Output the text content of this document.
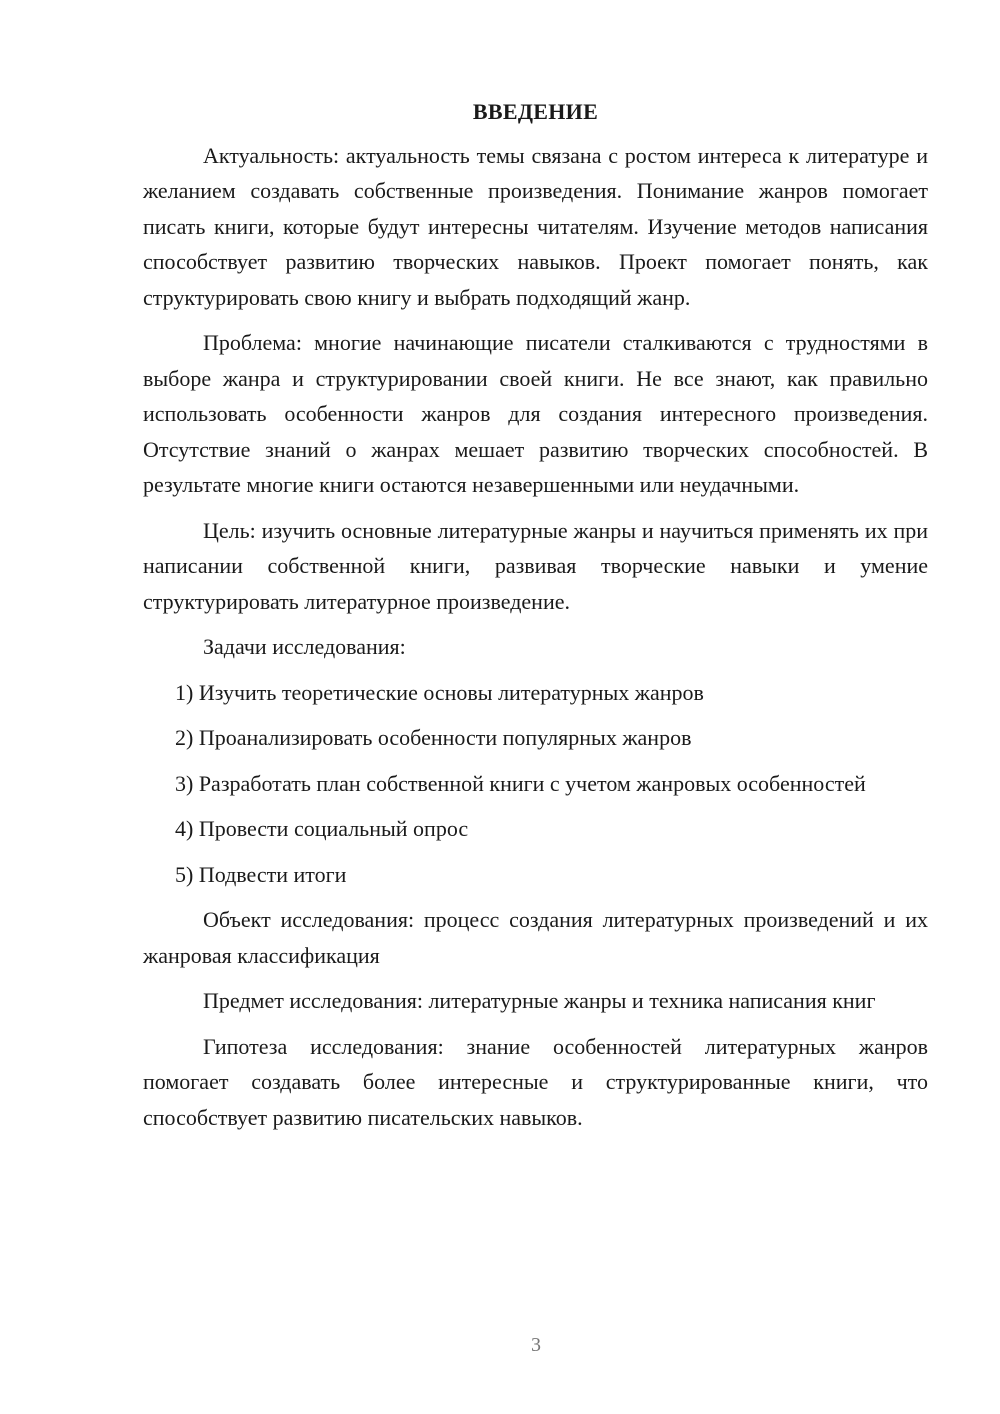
ВВЕДЕНИЕ

Актуальность: актуальность темы связана с ростом интереса к литературе и желанием создавать собственные произведения. Понимание жанров помогает писать книги, которые будут интересны читателям. Изучение методов написания способствует развитию творческих навыков. Проект помогает понять, как структурировать свою книгу и выбрать подходящий жанр.

Проблема: многие начинающие писатели сталкиваются с трудностями в выборе жанра и структурировании своей книги. Не все знают, как правильно использовать особенности жанров для создания интересного произведения. Отсутствие знаний о жанрах мешает развитию творческих способностей. В результате многие книги остаются незавершенными или неудачными.

Цель: изучить основные литературные жанры и научиться применять их при написании собственной книги, развивая творческие навыки и умение структурировать литературное произведение.

Задачи исследования:

1) Изучить теоретические основы литературных жанров

2) Проанализировать особенности популярных жанров

3) Разработать план собственной книги с учетом жанровых особенностей

4) Провести социальный опрос

5) Подвести итоги

Объект исследования: процесс создания литературных произведений и их жанровая классификация

Предмет исследования: литературные жанры и техника написания книг

Гипотеза исследования: знание особенностей литературных жанров помогает создавать более интересные и структурированные книги, что способствует развитию писательских навыков.

3
